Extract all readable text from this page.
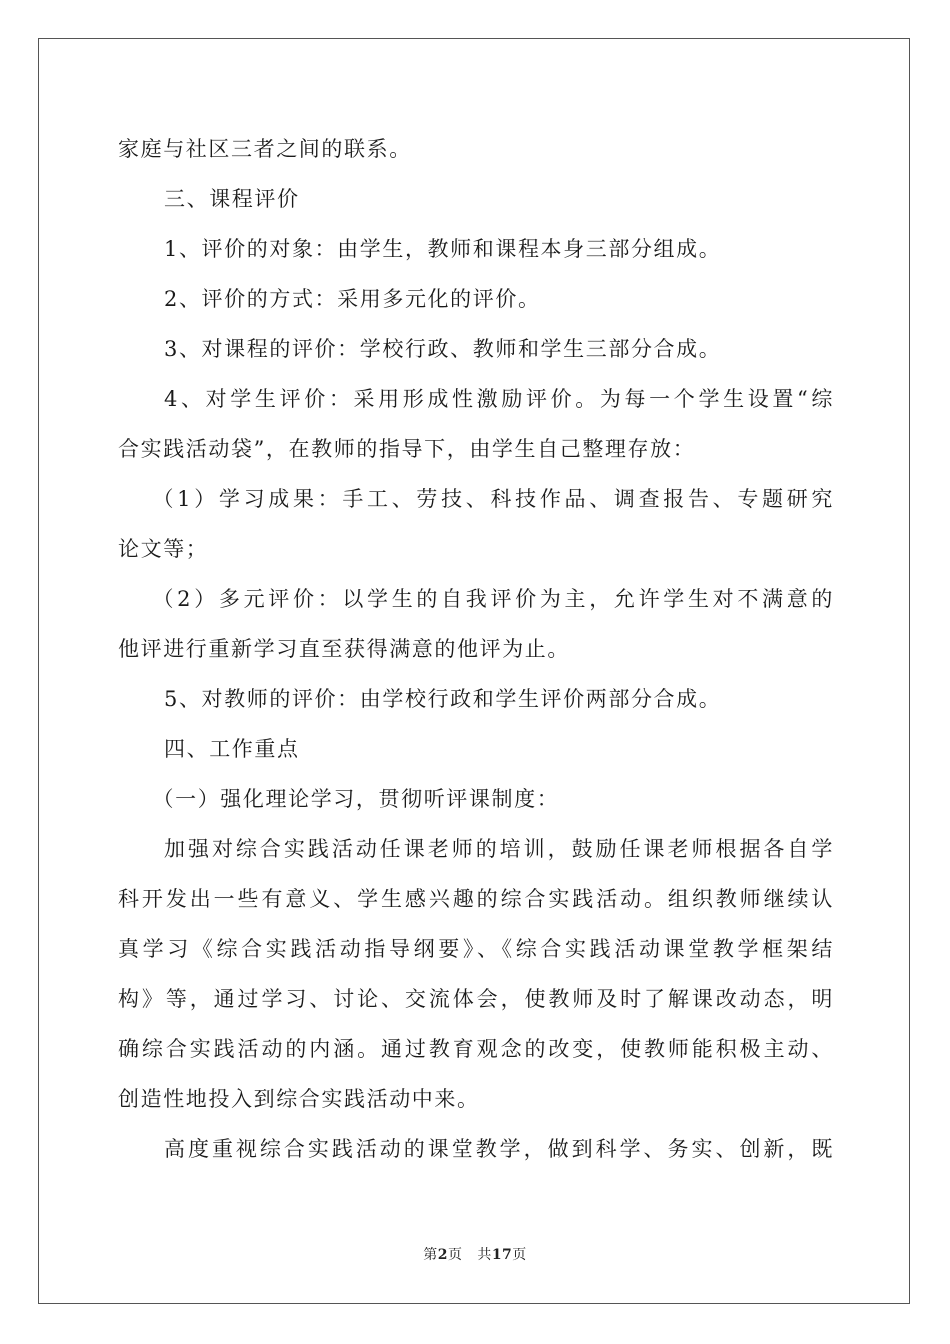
家庭与社区三者之间的联系。
三、课程评价
1、评价的对象：由学生，教师和课程本身三部分组成。
2、评价的方式：采用多元化的评价。
3、对课程的评价：学校行政、教师和学生三部分合成。
4、对学生评价：采用形成性激励评价。为每一个学生设置“综
合实践活动袋”，在教师的指导下，由学生自己整理存放：
（1）学习成果：手工、劳技、科技作品、调查报告、专题研究
论文等；
（2）多元评价：以学生的自我评价为主，允许学生对不满意的
他评进行重新学习直至获得满意的他评为止。
5、对教师的评价：由学校行政和学生评价两部分合成。
四、工作重点
（一）强化理论学习，贯彻听评课制度：
加强对综合实践活动任课老师的培训，鼓励任课老师根据各自学
科开发出一些有意义、学生感兴趣的综合实践活动。组织教师继续认
真学习《综合实践活动指导纲要》、《综合实践活动课堂教学框架结
构》等，通过学习、讨论、交流体会，使教师及时了解课改动态，明
确综合实践活动的内涵。通过教育观念的改变，使教师能积极主动、
创造性地投入到综合实践活动中来。
高度重视综合实践活动的课堂教学，做到科学、务实、创新，既
第2页 共17页
